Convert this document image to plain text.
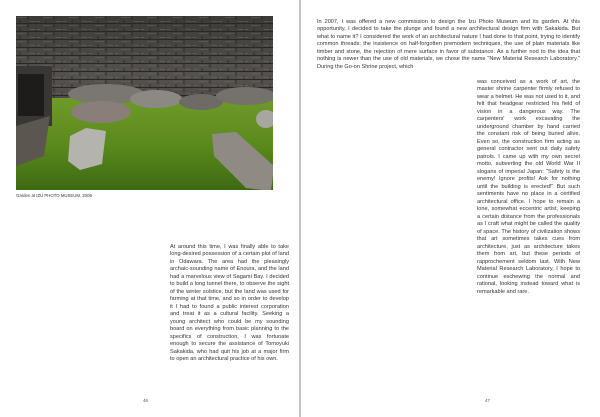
Garden at IZU PHOTO MUSEUM, 2009

At around this time, I was finally able to take long-desired possession of a certain plot of land in Odawara. The area had the pleasingly archaic-sounding name of Enoura, and the land had a marvelous view of Sagami Bay. I decided to build a long tunnel there, to observe the sight of the winter solstice, but the land was used for farming at that time, and so in order to develop it I had to found a public interest corporation and treat it as a cultural facility. Seeking a young architect who could be my sounding board on everything from basic planning to the specifics of construction, I was fortunate enough to secure the assistance of Tomoyuki Sakakida, who had quit his job at a major firm to open an architectural practice of his own.

46

In 2007, I was offered a new commission to design the Izu Photo Museum and its garden. At this opportunity, I decided to take the plunge and found a new architectural design firm with Sakakida. But what to name it? I considered the work of an architectural nature I had done to that point, trying to identify common threads: the insistence on half-forgotten premodern techniques, the use of plain materials like timber and stone, the rejection of mere surface in favor of substance. As a further nod to the idea that nothing is newer than the use of old materials, we chose the name "New Material Research Laboratory." During the Go-on Shrine project, which

was conceived as a work of art, the master shrine carpenter firmly refused to wear a helmet. He was not used to it, and felt that headgear restricted his field of vision in a dangerous way. The carpenters' work excavating the underground chamber by hand carried the constant risk of being buried alive. Even so, the construction firm acting as general contractor sent out daily safety patrols. I came up with my own secret motto, subverting the old World War II slogans of imperial Japan: "Safety is the enemy! Ignore profits! Ask for nothing until the building is erected!" But such sentiments have no place in a certified architectural office. I hope to remain a lone, somewhat eccentric artist, keeping a certain distance from the professionals as I craft what might be called the quality of space. The history of civilization shows that art sometimes takes cues from architecture, just as architecture takes them from art, but these periods of rapprochement seldom last. With New Material Research Laboratory, I hope to continue eschewing the normal and rational, looking instead toward what is remarkable and rare.

47
